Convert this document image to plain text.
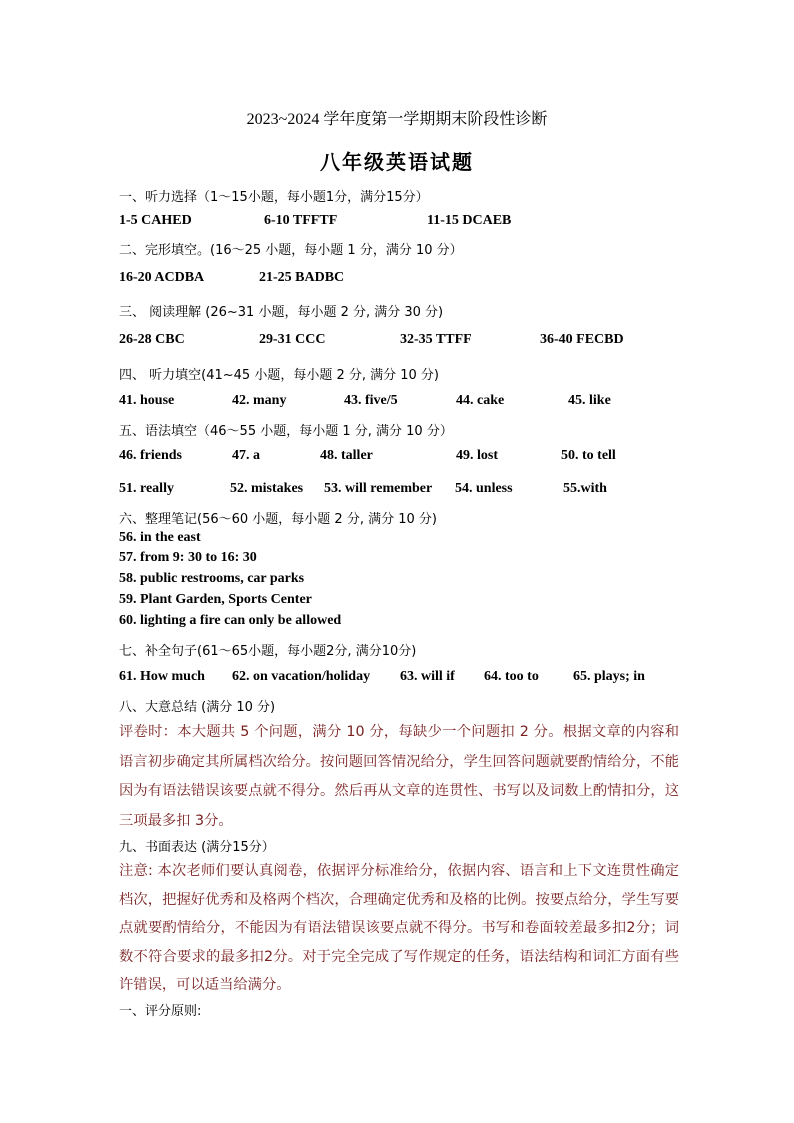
2023~2024 学年度第一学期期末阶段性诊断
八年级英语试题
一、听力选择（1～15小题，每小题1分，满分15分）
1-5 CAHED	6-10 TFFTF	11-15 DCAEB
二、完形填空。(16～25 小题，每小题 1 分，满分 10 分）
16-20 ACDBA	21-25 BADBC
三、 阅读理解 (26~31 小题，每小题 2 分, 满分 30 分)
26-28 CBC	29-31 CCC	32-35 TTFF	36-40 FECBD
四、 听力填空(41~45 小题，每小题 2 分, 满分 10 分)
41. house	42. many	43. five/5	44. cake	45. like
五、语法填空（46～55 小题，每小题 1 分, 满分 10 分）
46. friends	47. a	48. taller	49. lost	50. to tell
51. really	52. mistakes 53. will remember 54. unless	55.with
六、整理笔记(56～60 小题，每小题 2 分, 满分 10 分)
56. in the east
57. from 9: 30 to 16: 30
58. public restrooms, car parks
59. Plant Garden, Sports Center
60. lighting a fire can only be allowed
七、补全句子(61～65小题，每小题2分, 满分10分)
61. How much 62. on vacation/holiday 63. will if 64. too to 65. plays; in
八、大意总结 (满分 10 分)
评卷时：本大题共 5 个问题，满分 10 分，每缺少一个问题扣 2 分。根据文章的内容和语言初步确定其所属档次给分。按问题回答情况给分，学生回答问题就要酌情给分，不能因为有语法错误该要点就不得分。然后再从文章的连贯性、书写以及词数上酌情扣分，这三项最多扣 3分。
九、书面表达 (满分15分）
注意: 本次老师们要认真阅卷，依据评分标准给分，依据内容、语言和上下文连贯性确定档次，把握好优秀和及格两个档次，合理确定优秀和及格的比例。按要点给分，学生写要点就要酌情给分，不能因为有语法错误该要点就不得分。书写和卷面较差最多扣2分；词数不符合要求的最多扣2分。对于完全完成了写作规定的任务，语法结构和词汇方面有些许错误，可以适当给满分。
一、评分原则:
